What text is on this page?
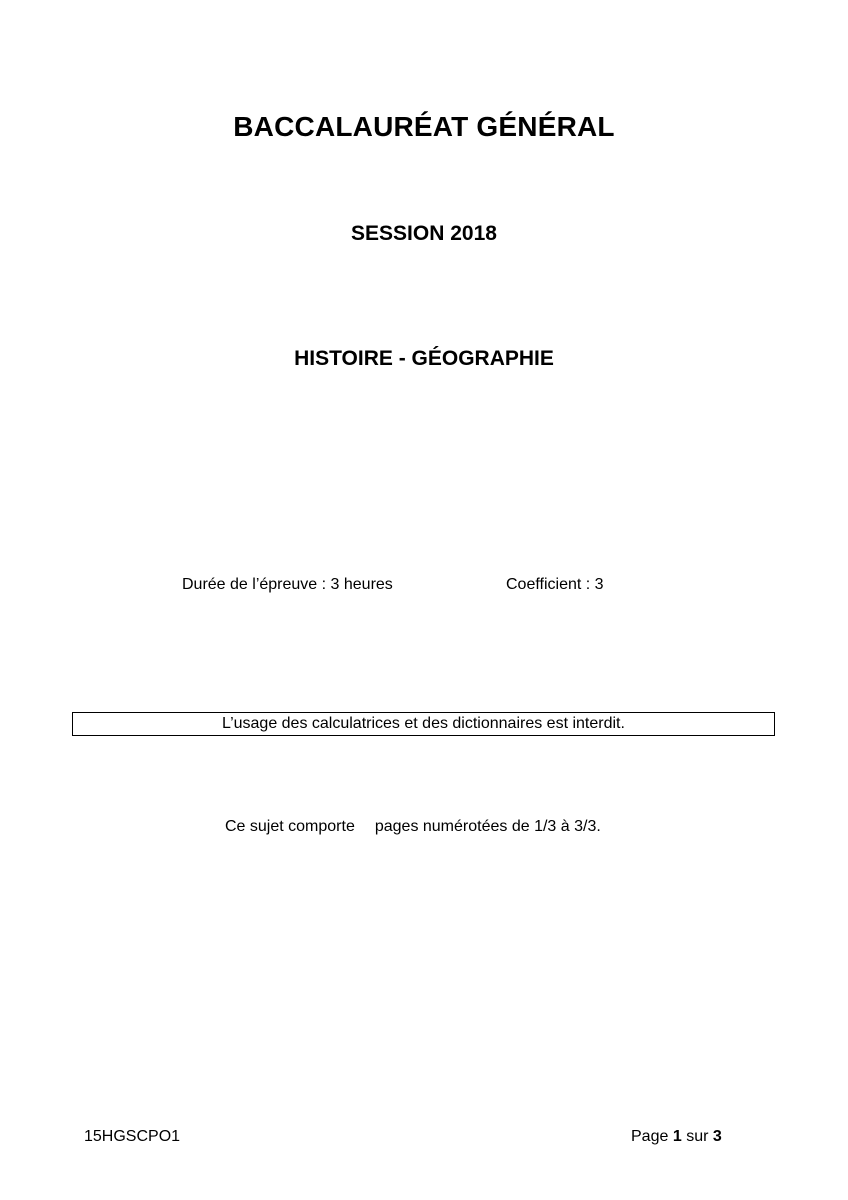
BACCALAURÉAT GÉNÉRAL
SESSION 2018
HISTOIRE - GÉOGRAPHIE
Durée de l’épreuve : 3 heures	Coefficient : 3
L’usage des calculatrices et des dictionnaires est interdit.
Ce sujet comporte pages numérotées de 1/3 à 3/3.
15HGSCPO1	Page 1 sur 3
